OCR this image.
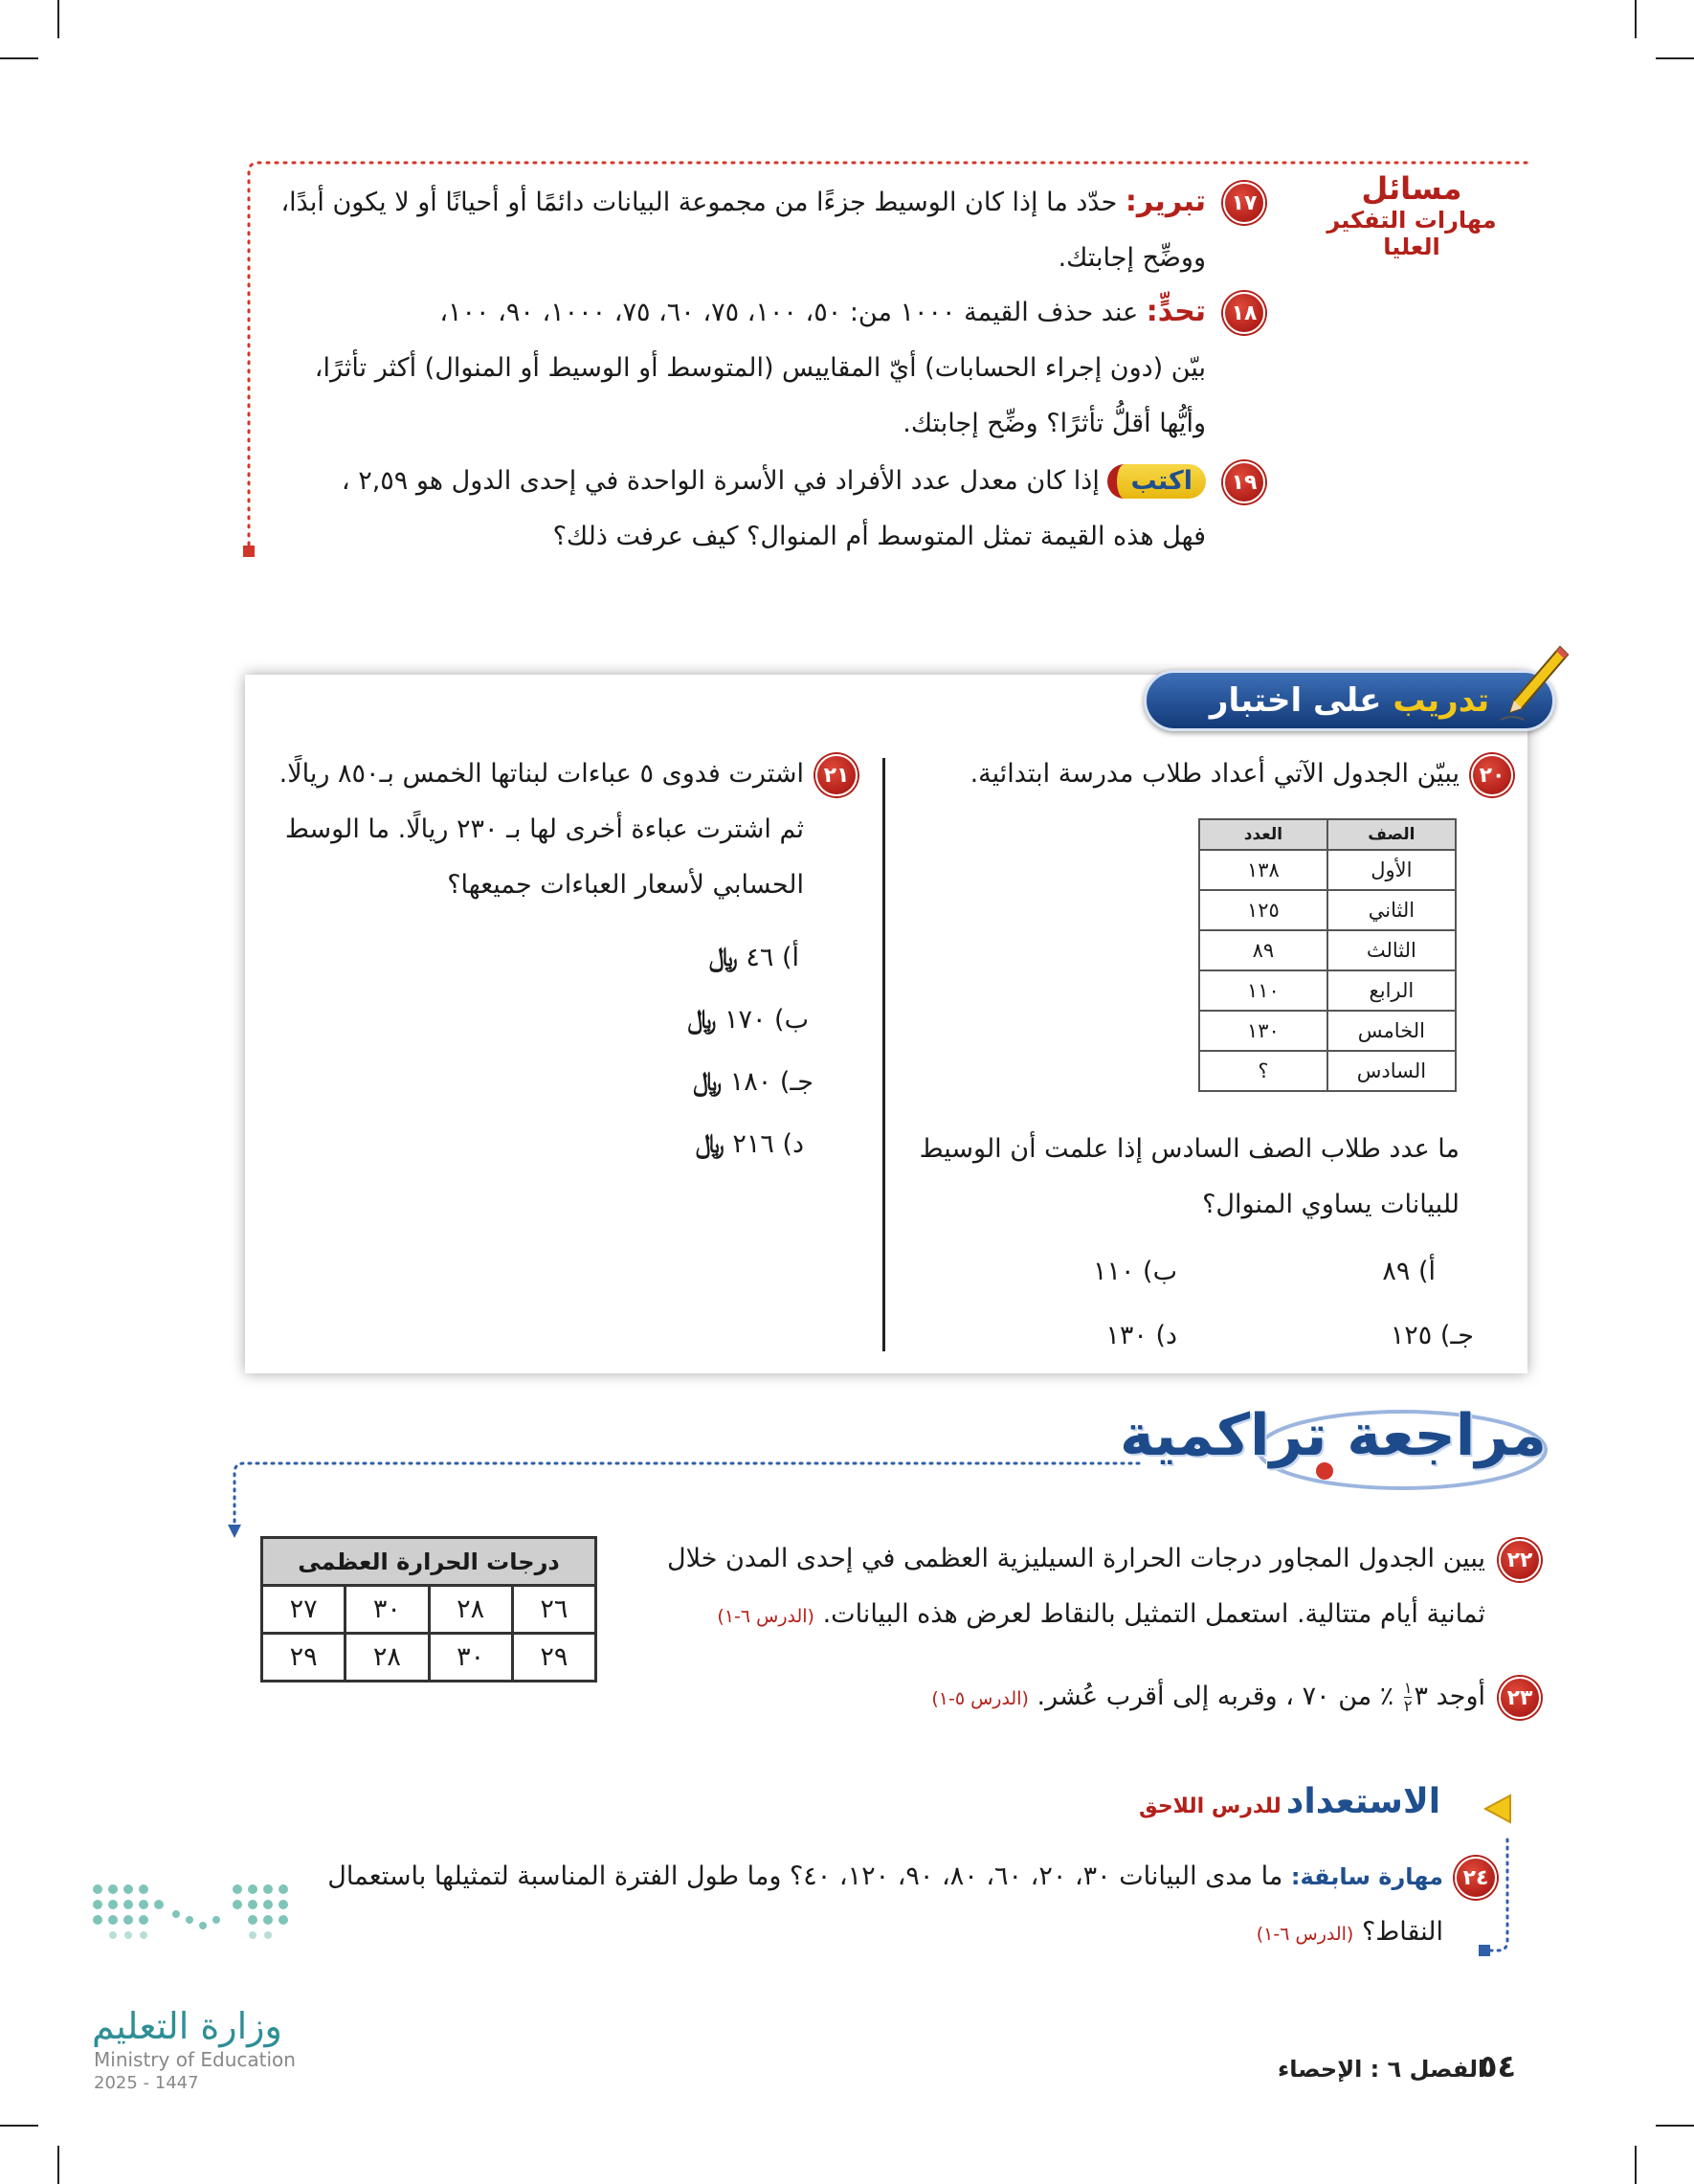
مسائل
مهارات التفكير العليا
١٧
تبرير: حدّد ما إذا كان الوسيط جزءًا من مجموعة البيانات دائمًا أو أحيانًا أو لا يكون أبدًا،
ووضِّح إجابتك.
١٨
تحدٍّ: عند حذف القيمة ١٠٠٠ من: ٥٠، ١٠٠، ٧٥، ٦٠، ٧٥، ١٠٠٠، ٩٠، ١٠٠،
بيّن (دون إجراء الحسابات) أيّ المقاييس (المتوسط أو الوسيط أو المنوال) أكثر تأثرًا،
وأيُّها أقلُّ تأثرًا؟ وضِّح إجابتك.
١٩
اكتب إذا كان معدل عدد الأفراد في الأسرة الواحدة في إحدى الدول هو ٢,٥٩ ،
فهل هذه القيمة تمثل المتوسط أم المنوال؟ كيف عرفت ذلك؟
تدريب

على اختبار
٢٠
يبيّن الجدول الآتي أعداد طلاب مدرسة ابتدائية.
الصف	العدد
الأول	١٣٨
الثاني	١٢٥
الثالث	٨٩
الرابع	١١٠
الخامس	١٣٠
السادس	؟
ما عدد طلاب الصف السادس إذا علمت أن الوسيط
للبيانات يساوي المنوال؟
أ) ٨٩
ب) ١١٠
جـ) ١٢٥
د) ١٣٠
٢١
اشترت فدوى ٥ عباءات لبناتها الخمس بـ٨٥٠ ريالًا.
ثم اشترت عباءة أخرى لها بـ ٢٣٠ ريالًا. ما الوسط
الحسابي لأسعار العباءات جميعها؟
أ) ٤٦ ﷼
ب) ١٧٠ ﷼
جـ) ١٨٠ ﷼
د) ٢١٦ ﷼
مراجعة تراكمية
٢٢
يبين الجدول المجاور درجات الحرارة السيليزية العظمى في إحدى المدن خلال
ثمانية أيام متتالية. استعمل التمثيل بالنقاط لعرض هذه البيانات. (الدرس ٦-١)
درجات الحرارة العظمى			
٢٦	٢٨	٣٠	٢٧
٢٩	٣٠	٢٨	٢٩
٢٣
أوجد ٣
١
٢
٪ من ٧٠ ، وقربه إلى أقرب عُشر. (الدرس ٥-١)
الاستعداد للدرس اللاحق
٢٤
مهارة سابقة: ما مدى البيانات ٣٠، ٢٠، ٦٠، ٨٠، ٩٠، ١٢٠، ٤٠؟ وما طول الفترة المناسبة لتمثيلها باستعمال
النقاط؟ (الدرس ٦-١)
وزارة التعليم
Ministry of Education
2025 - 1447	٥٤
الفصل ٦ : الإحصاء
